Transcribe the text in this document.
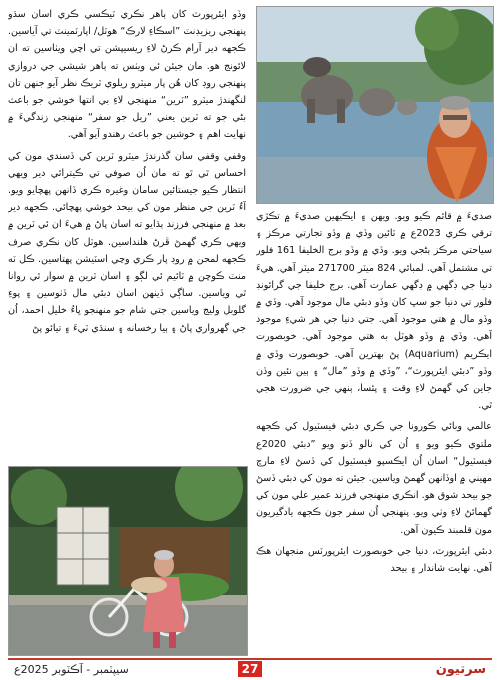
وڏو ايئرپورٽ کان ٻاهر نڪري ٽيڪسي ڪري اسان سڌو پنهنجي ريزيڊنٽ ”اسڪاءِ لارڪ“ هوٽل/ اپارٽمينٽ تي آياسين. ڪجهه دير آرام ڪرڻ لاءِ ريسيپشن تي اچي ويٺاسين ته ان لائونج هو. مان جيئن ئي ويٺس ته ٻاهر شيشي جي دروازي پنهنجي روڊ کان هُن پار ميٽرو ريلوي ٽريڪ نظر آيو جنهن تان لنگهندڙ ميٽرو ”ٽرين“ منهنجي لاءِ بي انتها خوشي جو باعث بڻي جو ته ٽرين يعني ”ريل جو سفر“ منهنجي زندگيءَ ۾ نهايت اهم ۽ خوشين جو باعث رهندو آيو آهي.

وقفي وقفي سان گذرندڙ ميٽرو ٽرين کي ڏسندي مون کي احساس ٿي ٿو ته مان اُن صوفي تي ڪيترائي دير ويهي انتظار ڪيو جيستائين سامان وغيره ڪري ڏانهن پهچايو ويو. آءٌ ٽرين جي منظر مون کي بيحد خوشي پهچائي. ڪجهه دير بعد ۾ منهنجي فرزند ٻڌايو ته اسان پاڻ ۾ هيءَ ان ئي ٽرين ۾ ويهي ڪري گهمڻ ڦرڻ هلنداسين. هوٽل کان نڪري صرف ڪجهه لمحن ۾ روڊ پار ڪري وڃي اسٽيشن پهتاسين. ڪل ٽه منٽ ڪوچن ۾ ٽائيم ئي لڳو ۽ اسان ٽرين ۾ سوار ٿي روانا ٿي وياسين. ساڳي ڏينهن اسان دبئي مال ڏٺوسين ۽ پوءِ گلوبل وليج وياسين جتي شام جو منهنجو ڀاءُ خليل احمد، اُن جي گهرواري پاڻ ۽ ٻيا رخسانه ۽ سنڌي ٽيءَ ۽ تيائو پڻ

صديءَ ۾ قائم ڪيو ويو. ويهن ۽ ايڪيهين صديءَ ۾ تڪڙي ترقي ڪري 2023ع ۾ ٽائين وڏي ۾ وڏو تجارتي مرڪز ۽ سياحتي مرڪز ٻڻجي ويو. وڏي ۾ وڏو برج الخليفا 161 فلور تي مشتمل آهي. لمبائي 824 ميٽر 271700 ميٽر آهي. هيءَ دنيا جي ڊگهي ۾ ڊگهي عمارت آهي. برج خليفا جي گرائونڊ فلور تي دنيا جو سڀ کان وڏو دبئي مال موجود آهي. وڏي ۾ وڏو مال ۾ هتي موجود آهي. جتي دنيا جي هر شيءِ موجود آهي. وڏي ۾ وڏو هوٽل به هتي موجود آهي. خوبصورت ايڪريم (Aquarium) پڻ بهترين آهي. خوبصورت وڏي ۾ وڏو ”دبئي ايئرپورٽ“، ”وڏي ۾ وڏو ”مال“ ۽ ٻين نئين وڏن جاين کي گهمڻ لاءِ وقت ۽ پئسا، ٻنهي جي ضرورت هجي ٿي.

عالمي وبائي ڪورونا جي ڪري دبئي فيسٽيول کي ڪجهه ملتوي ڪيو ويو ۽ اُن کي نالو ڏنو ويو ”دبئي 2020ع فيسٽيول“ اسان اُن ايڪسپو فيسٽيول کي ڏسڻ لاءِ مارچ مهيني ۾ اوڏانهن گهمڻ وياسين. جيئن ته مون کي دبئي ڏسڻ جو بيحد شوق هو. انڪري منهنجي فرزند عمير علي مون کي گهمائڻ لاءِ وٺي ويو. پنهنجي اُن سفر جون ڪجهه يادگيريون مون قلمبند ڪيون آهن.

دبئي ايئرپورٽ، دنيا جي خوبصورت ايئرپورٽس منجهان هڪ آهي. نهايت شاندار ۽ بيحد

سيپٽمبر - آڪٽوبر 2025ع	27	سرتيون
